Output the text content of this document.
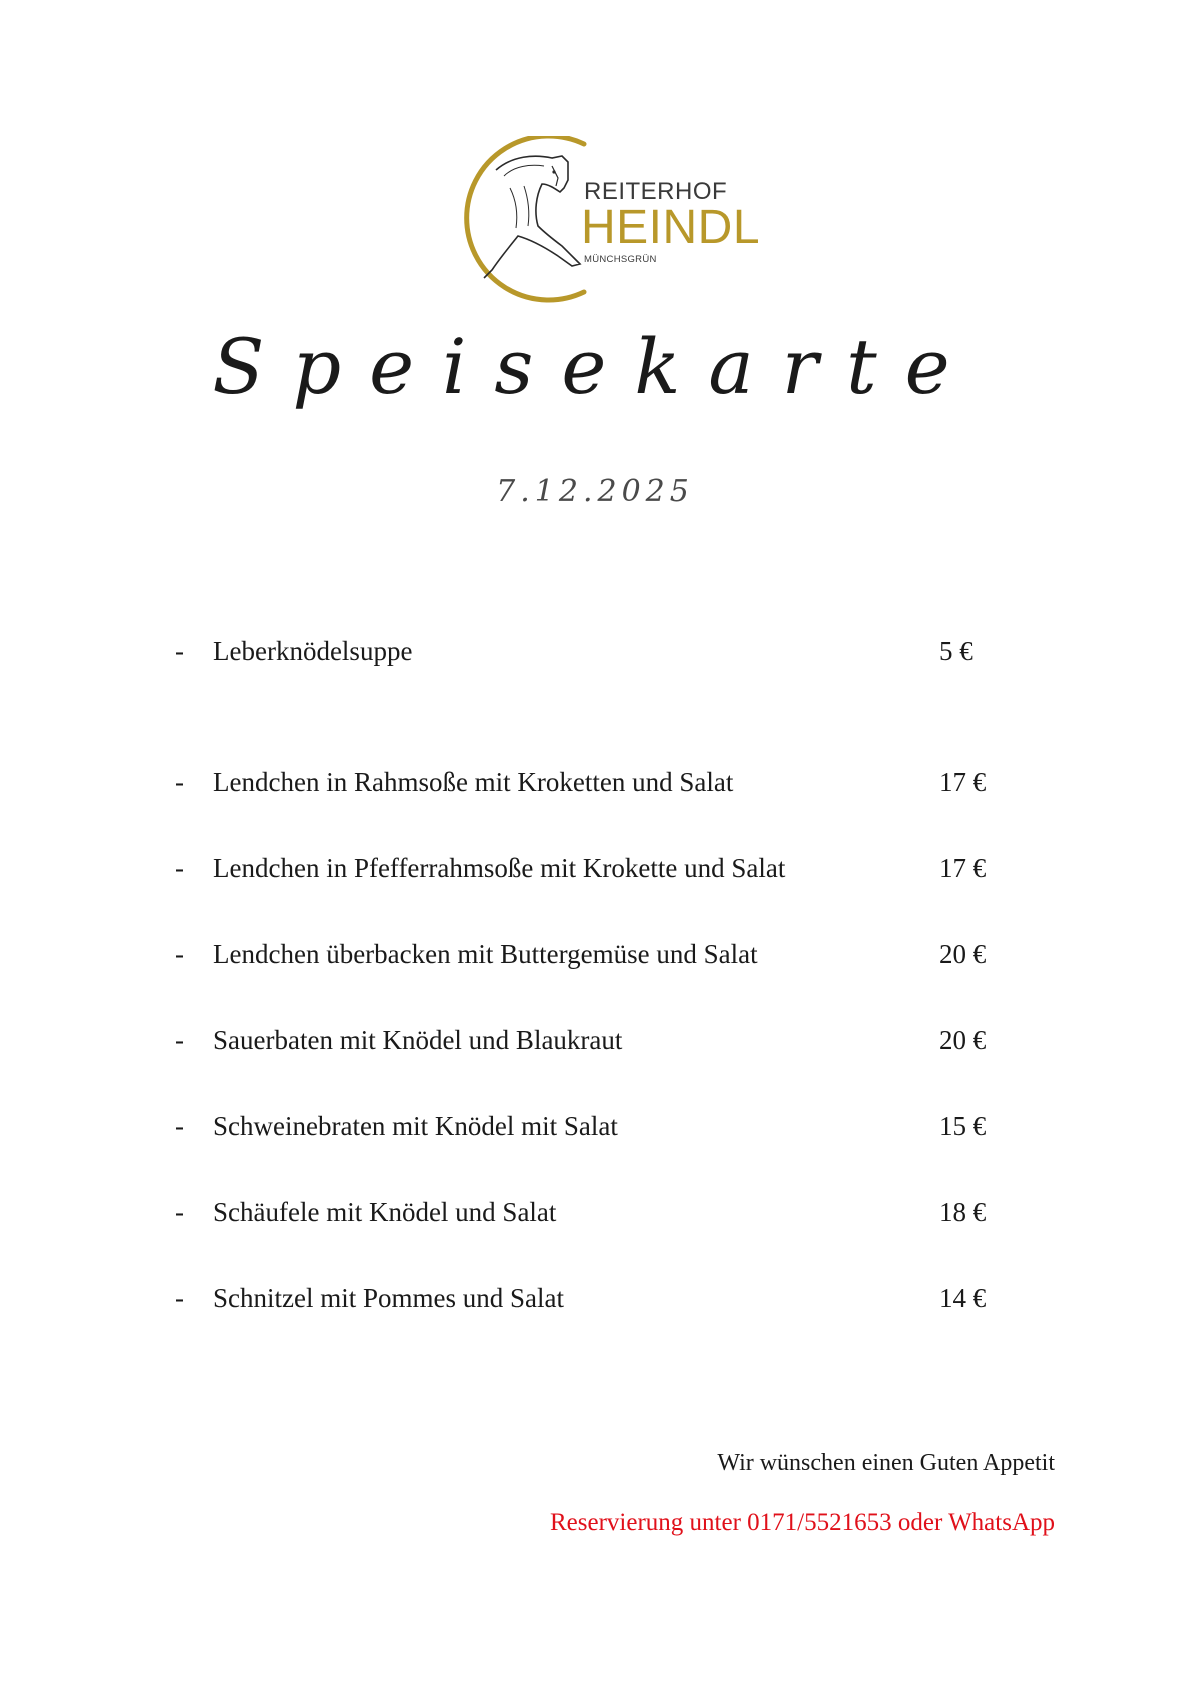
REITERHOF
HEINDL
MÜNCHSGRÜN
Speisekarte
7.12.2025
- Leberknödelsuppe	5 €
- Lendchen in Rahmsoße mit Kroketten und Salat	17 €
- Lendchen in Pfefferrahmsoße mit Krokette und Salat	17 €
- Lendchen überbacken mit Buttergemüse und Salat	20 €
- Sauerbaten mit Knödel und Blaukraut	20 €
- Schweinebraten mit Knödel mit Salat	15 €
- Schäufele mit Knödel und Salat	18 €
- Schnitzel mit Pommes und Salat	14 €
Wir wünschen einen Guten Appetit
Reservierung unter 0171/5521653 oder WhatsApp
